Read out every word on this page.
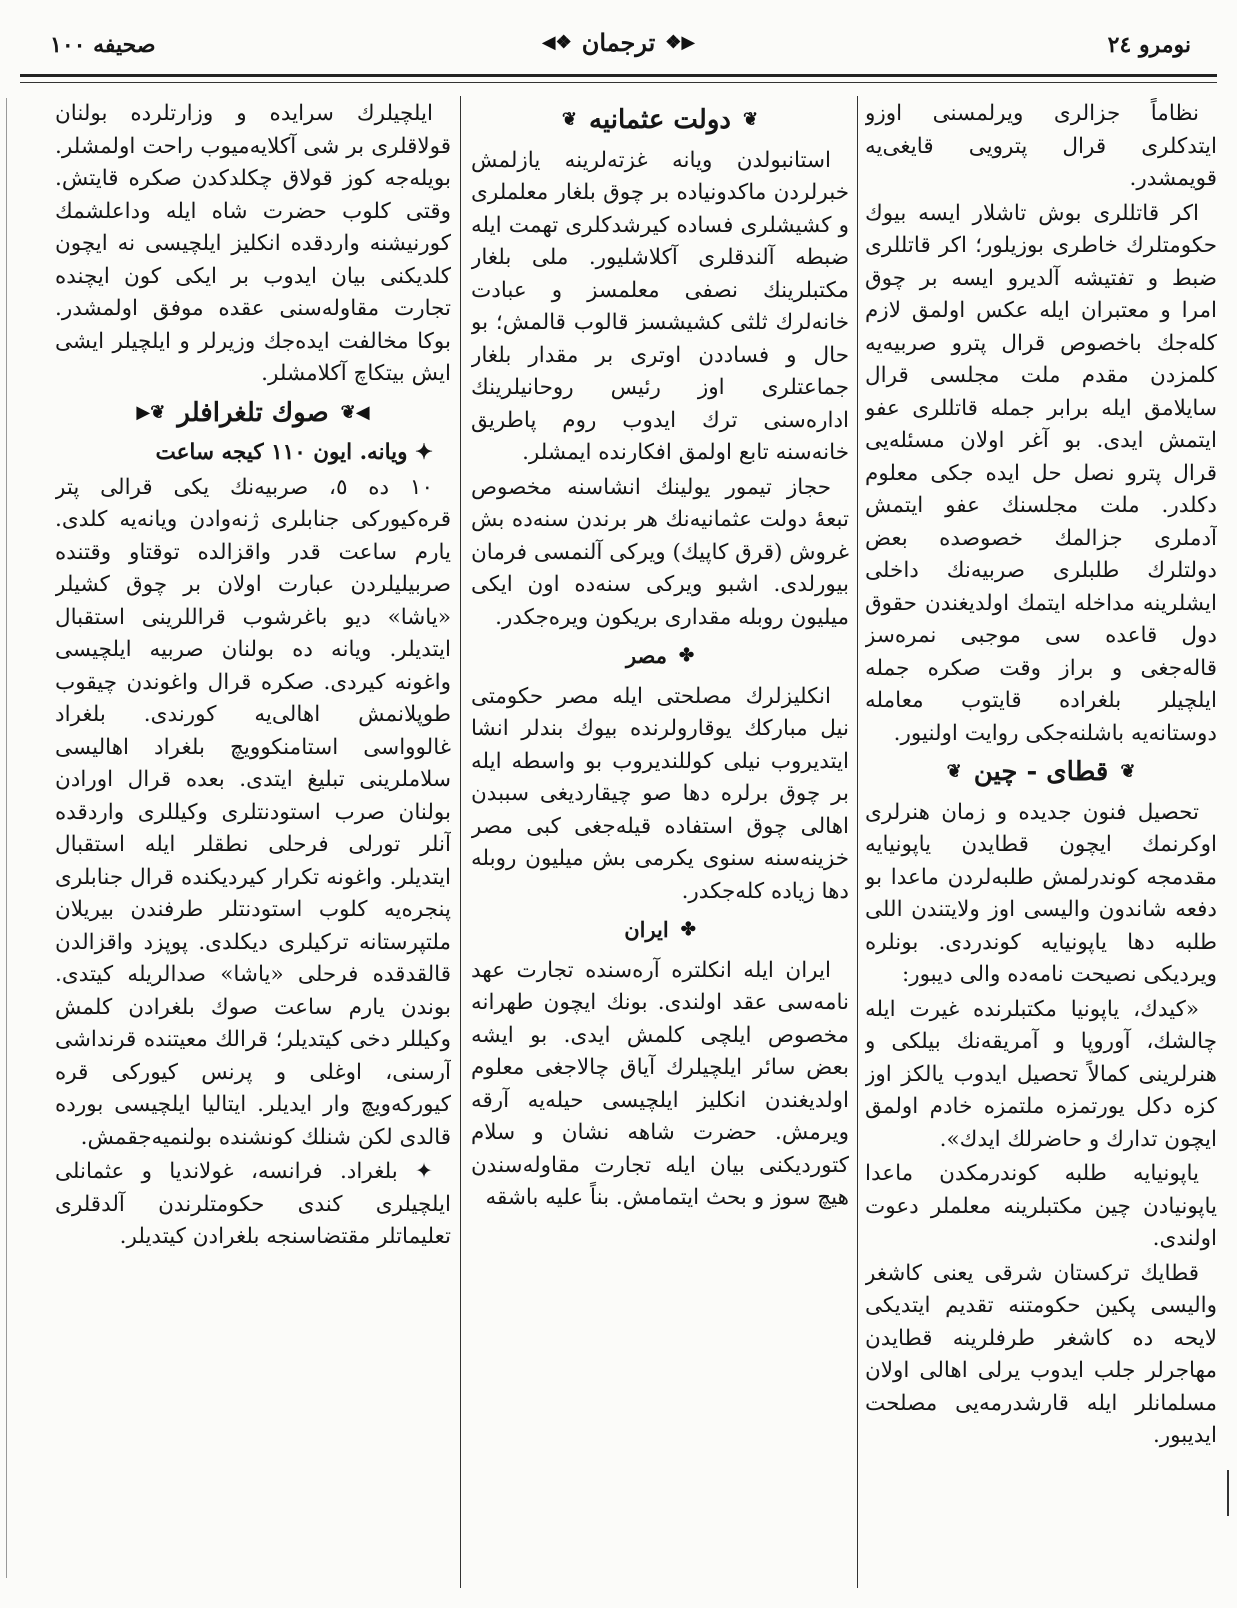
صحیفه ١٠٠	◀❖ ترجمان ❖▶	نومرو ٢٤

نظاماً جزالری ویرلمسنی اوزو ایتدکلری قرال پترویی قایغی‌یه قویمشدر.

اکر قاتللری بوش تاشلار ایسه بیوك حکومتلرك خاطری بوزیلور؛ اکر قاتللری ضبط و تفتیشه آلدیرو ایسه بر چوق امرا و معتبران ایله عکس اولمق لازم کله‌جك باخصوص قرال پترو صربیه‌یه کلمزدن مقدم ملت مجلسی قرال سایلامق ایله برابر جمله قاتللری عفو ایتمش ایدی. بو آغر اولان مسئله‌یی قرال پترو نصل حل ایده جکی معلوم دکلدر. ملت مجلسنك عفو ایتمش آدملری جزالمك خصوصده بعض دولتلرك طلبلری صربیه‌نك داخلی ایشلرینه مداخله ایتمك اولدیغندن حقوق دول قاعده سی موجبی نمره‌سز قاله‌جغی و براز وقت صکره جمله ایلچیلر بلغراده قایتوب معامله دوستانه‌یه باشلنه‌جکی روایت اولنیور.

❦
قطای - چین
❦

تحصیل فنون جدیده و زمان هنرلری اوکرنمك ایچون قطایدن یاپونیایه مقدمجه کوندرلمش طلبه‌لردن ماعدا بو دفعه شاندون والیسی اوز ولایتندن اللی طلبه دها یاپونیایه کوندردی. بونلره ویردیکی نصیحت نامه‌ده والی دیبور:

«کیدك، یاپونیا مکتبلرنده غیرت ایله چالشك، آوروپا و آمریقه‌نك بیلکی و هنرلرینی کمالاً تحصیل ایدوب یالکز اوز کزه دکل یورتمزه ملتمزه خادم اولمق ایچون تدارك و حاضرلك ایدك».

یاپونیایه طلبه کوندرمکدن ماعدا یاپونیادن چین مکتبلرینه معلملر دعوت اولندی.

قطایك ترکستان شرقی یعنی کاشغر والیسی پکین حکومتنه تقدیم ایتدیکی لایحه ده کاشغر طرفلرینه قطایدن مهاجرلر جلب ایدوب یرلی اهالی اولان مسلمانلر ایله قارشدرمه‌یی مصلحت ایدیبور.

❦
دولت عثمانیه
❦

استانبولدن ویانه غزته‌لرینه یازلمش خبرلردن ماکدونیاده بر چوق بلغار معلملری و کشیشلری فساده کیرشدکلری تهمت ایله ضبطه آلندقلری آکلاشلیور. ملی بلغار مکتبلرینك نصفی معلمسز و عبادت خانه‌لرك ثلثی کشیشسز قالوب قالمش؛ بو حال و فساددن اوتری بر مقدار بلغار جماعتلری اوز رئیس روحانیلرینك اداره‌سنی ترك ایدوب روم پاطریق خانه‌سنه تابع اولمق افکارنده ایمشلر.

حجاز تیمور یولینك انشاسنه مخصوص تبعهٔ دولت عثمانیه‌نك هر برندن سنه‌ده بش غروش (قرق کاپیك) ویرکی آلنمسی فرمان بیورلدی. اشبو ویرکی سنه‌ده اون ایکی میلیون روبله مقداری بریکون ویره‌جکدر.

✤
مصر

انکلیزلرك مصلحتی ایله مصر حکومتی نیل مبارکك یوقارولرنده بیوك بندلر انشا ایتدیروب نیلی کوللندیروب بو واسطه ایله بر چوق برلره دها صو چیقاردیغی سببدن اهالی چوق استفاده قیله‌جغی کبی مصر خزینه‌سنه سنوی یکرمی بش میلیون روبله دها زیاده کله‌جکدر.

✤
ایران

ایران ایله انکلتره آره‌سنده تجارت عهد نامه‌سی عقد اولندی. بونك ایچون طهرانه مخصوص ایلچی کلمش ایدی. بو ایشه بعض سائر ایلچیلرك آیاق چالاجغی معلوم اولدیغندن انکلیز ایلچیسی حیله‌یه آرقه ویرمش. حضرت شاهه نشان و سلام کتوردیکنی بیان ایله تجارت مقاوله‌سندن هیچ سوز و بحث ایتمامش. بناً علیه باشقه

ایلچیلرك سرایده و وزارتلرده بولنان قولاقلری بر شی آکلایه‌میوب راحت اولمشلر. بویله‌جه کوز قولاق چکلدکدن صکره قایتش. وقتی کلوب حضرت شاه ایله وداعلشمك کورنیشنه واردقده انکلیز ایلچیسی نه ایچون کلدیکنی بیان ایدوب بر ایکی کون ایچنده تجارت مقاوله‌سنی عقده موفق اولمشدر. بوکا مخالفت ایده‌جك وزیرلر و ایلچیلر ایشی ایش بیتکاچ آکلامشلر.

◀❦
صوك تلغرافلر
❦▶

✦ ویانه. ایون ١١٠ کیجه ساعت

١٠ ده ٥، صربیه‌نك یکی قرالی پتر قره‌کیورکی جنابلری ژنه‌وادن ویانه‌یه کلدی. یارم ساعت قدر واقزالده توقتاو وقتنده صربیلیلردن عبارت اولان بر چوق کشیلر «یاشا» دیو باغرشوب قراللرینی استقبال ایتدیلر. ویانه ده بولنان صربیه ایلچیسی واغونه کیردی. صکره قرال واغوندن چیقوب طوپلانمش اهالی‌یه کورندی. بلغراد غالوواسی استامنکوویچ بلغراد اهالیسی سلاملرینی تبلیغ ایتدی. بعده قرال اورادن بولنان صرب استودنتلری وکیللری واردقده آنلر تورلی فرحلی نطقلر ایله استقبال ایتدیلر. واغونه تکرار کیردیکنده قرال جنابلری پنجره‌یه کلوب استودنتلر طرفندن بیریلان ملتپرستانه ترکیلری دیکلدی. پوپزد واقزالدن قالقدقده فرحلی «یاشا» صدالریله کیتدی. بوندن یارم ساعت صوك بلغرادن کلمش وکیللر دخی کیتدیلر؛ قرالك معیتنده قرنداشی آرسنی، اوغلی و پرنس کیورکی قره کیورکه‌ویچ وار ایدیلر. ایتالیا ایلچیسی بورده قالدی لکن شنلك کونشنده بولنمیه‌جقمش.

✦ بلغراد. فرانسه، غولاندیا و عثمانلی ایلچیلری کندی حکومتلرندن آلدقلری تعلیماتلر مقتضاسنجه بلغرادن کیتدیلر.
